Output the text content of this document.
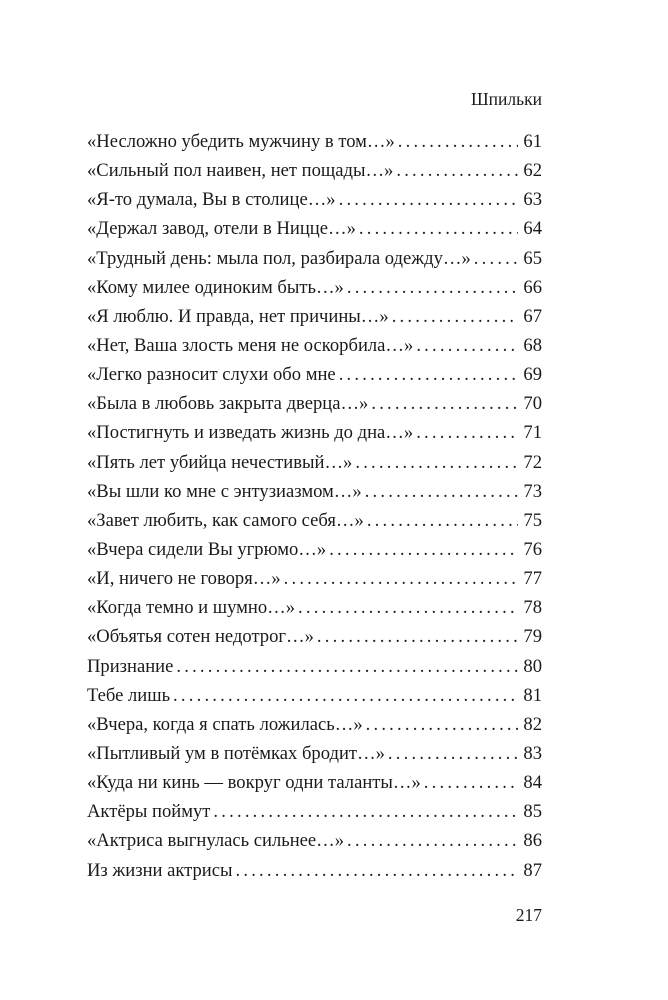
Шпильки
«Несложно убедить мужчину в том…» .....	61
«Сильный пол наивен, нет пощады…» .....	62
«Я-то думала, Вы в столице…» .....	63
«Держал завод, отели в Ницце…» .....	64
«Трудный день: мыла пол, разбирала одежду…» .....	65
«Кому милее одиноким быть…» .....	66
«Я люблю. И правда, нет причины…» .....	67
«Нет, Ваша злость меня не оскорбила…» .....	68
«Легко разносит слухи обо мне .....	69
«Была в любовь закрыта дверца…» .....	70
«Постигнуть и изведать жизнь до дна…» .....	71
«Пять лет убийца нечестивый…» .....	72
«Вы шли ко мне с энтузиазмом…» .....	73
«Завет любить, как самого себя…» .....	75
«Вчера сидели Вы угрюмо…» .....	76
«И, ничего не говоря…» .....	77
«Когда темно и шумно…» .....	78
«Объятья сотен недотрог…» .....	79
Признание .....	80
Тебе лишь .....	81
«Вчера, когда я спать ложилась…» .....	82
«Пытливый ум в потёмках бродит…» .....	83
«Куда ни кинь — вокруг одни таланты…» .....	84
Актёры поймут .....	85
«Актриса выгнулась сильнее…» .....	86
Из жизни актрисы .....	87
217
